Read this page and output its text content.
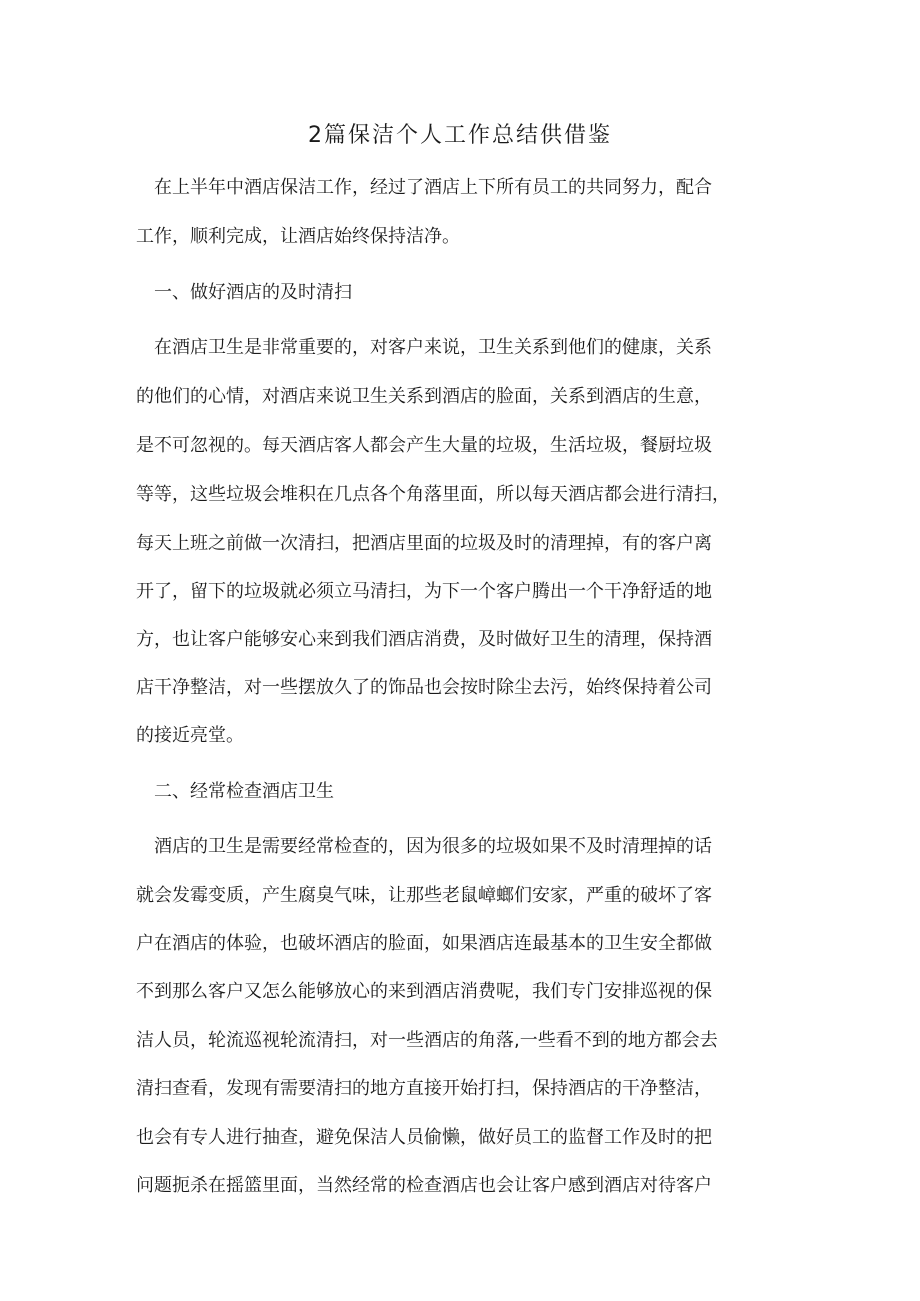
2篇保洁个人工作总结供借鉴
　在上半年中酒店保洁工作，经过了酒店上下所有员工的共同努力，配合
工作，顺利完成，让酒店始终保持洁净。
　一、做好酒店的及时清扫
　在酒店卫生是非常重要的，对客户来说，卫生关系到他们的健康，关系
的他们的心情，对酒店来说卫生关系到酒店的脸面，关系到酒店的生意，
是不可忽视的。每天酒店客人都会产生大量的垃圾，生活垃圾，餐厨垃圾
等等，这些垃圾会堆积在几点各个角落里面，所以每天酒店都会进行清扫，
每天上班之前做一次清扫，把酒店里面的垃圾及时的清理掉，有的客户离
开了，留下的垃圾就必须立马清扫，为下一个客户腾出一个干净舒适的地
方，也让客户能够安心来到我们酒店消费，及时做好卫生的清理，保持酒
店干净整洁，对一些摆放久了的饰品也会按时除尘去污，始终保持着公司
的接近亮堂。
　二、经常检查酒店卫生
　酒店的卫生是需要经常检查的，因为很多的垃圾如果不及时清理掉的话
就会发霉变质，产生腐臭气味，让那些老鼠嶂螂们安家，严重的破坏了客
户在酒店的体验，也破坏酒店的脸面，如果酒店连最基本的卫生安全都做
不到那么客户又怎么能够放心的来到酒店消费呢，我们专门安排巡视的保
洁人员，轮流巡视轮流清扫，对一些酒店的角落,一些看不到的地方都会去
清扫查看，发现有需要清扫的地方直接开始打扫，保持酒店的干净整洁，
也会有专人进行抽查，避免保洁人员偷懒，做好员工的监督工作及时的把
问题扼杀在摇篮里面，当然经常的检查酒店也会让客户感到酒店对待客户
